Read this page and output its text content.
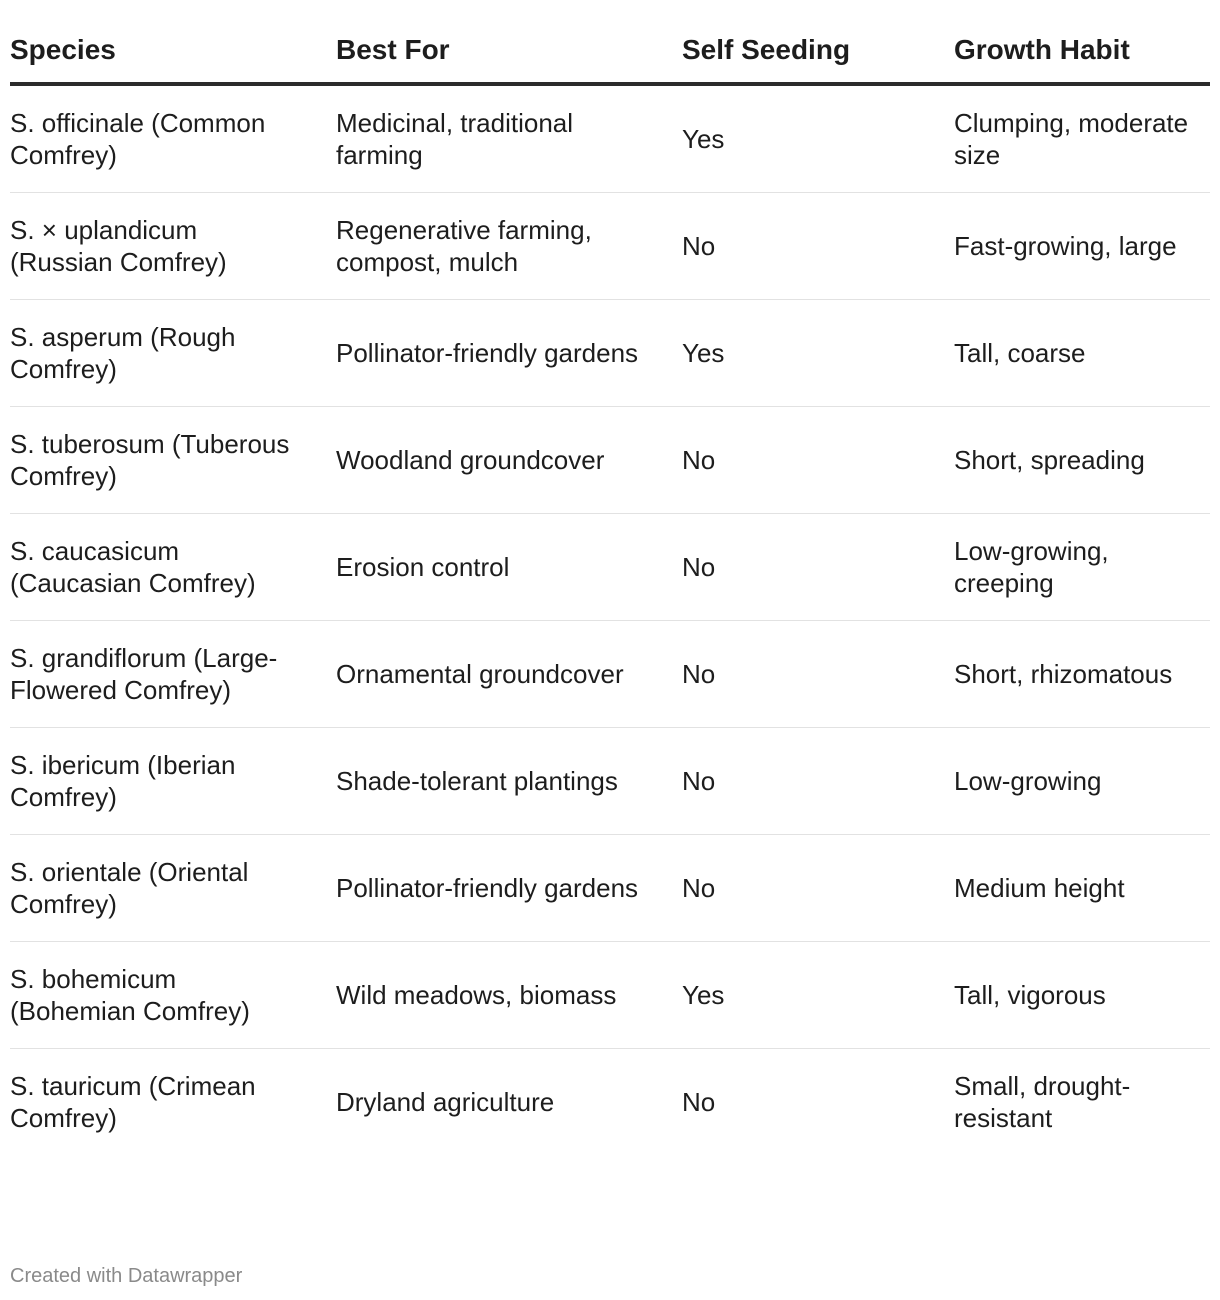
Species	Best For	Self Seeding	Growth Habit
S. officinale (Common Comfrey)	Medicinal, traditional farming	Yes	Clumping, moderate size
S. × uplandicum (Russian Comfrey)	Regenerative farming, compost, mulch	No	Fast-growing, large
S. asperum (Rough Comfrey)	Pollinator-friendly gardens	Yes	Tall, coarse
S. tuberosum (Tuberous Comfrey)	Woodland groundcover	No	Short, spreading
S. caucasicum (Caucasian Comfrey)	Erosion control	No	Low-growing, creeping
S. grandiflorum (Large-Flowered Comfrey)	Ornamental groundcover	No	Short, rhizomatous
S. ibericum (Iberian Comfrey)	Shade-tolerant plantings	No	Low-growing
S. orientale (Oriental Comfrey)	Pollinator-friendly gardens	No	Medium height
S. bohemicum (Bohemian Comfrey)	Wild meadows, biomass	Yes	Tall, vigorous
S. tauricum (Crimean Comfrey)	Dryland agriculture	No	Small, drought-resistant
Created with Datawrapper
